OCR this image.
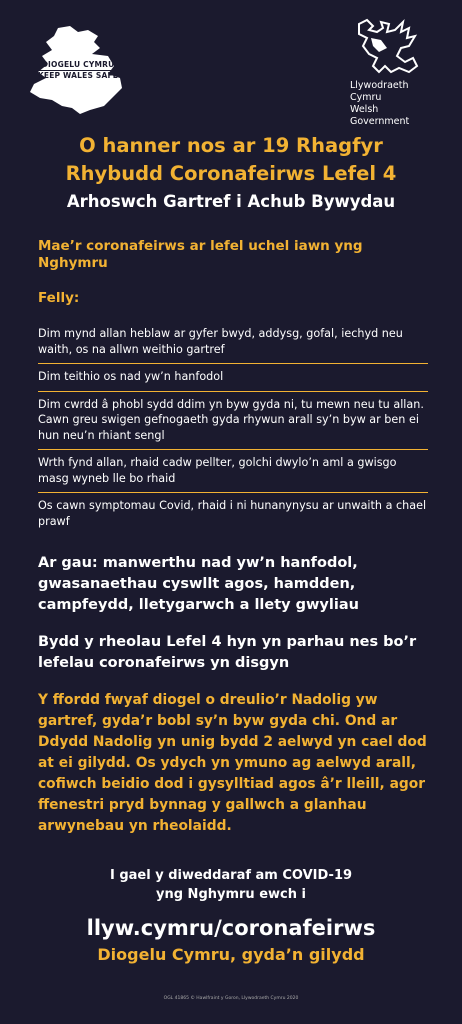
DIOGELU CYMRU
KEEP WALES SAFE
Llywodraeth Cymru
Welsh Government
O hanner nos ar 19 Rhagfyr
Rhybudd Coronafeirws Lefel 4
Arhoswch Gartref i Achub Bywydau

Mae’r coronafeirws ar lefel uchel iawn yng Nghymru

Felly:
Dim mynd allan heblaw ar gyfer bwyd, addysg, gofal, iechyd neu waith, os na allwn weithio gartref
Dim teithio os nad yw’n hanfodol
Dim cwrdd â phobl sydd ddim yn byw gyda ni, tu mewn neu tu allan. Cawn greu swigen gefnogaeth gyda rhywun arall sy’n byw ar ben ei hun neu’n rhiant sengl
Wrth fynd allan, rhaid cadw pellter, golchi dwylo’n aml a gwisgo masg wyneb lle bo rhaid
Os cawn symptomau Covid, rhaid i ni hunanynysu ar unwaith a chael prawf
Ar gau: manwerthu nad yw’n hanfodol, gwasanaethau cyswllt agos, hamdden, campfeydd, lletygarwch a llety gwyliau
Bydd y rheolau Lefel 4 hyn yn parhau nes bo’r lefelau coronafeirws yn disgyn
Y ffordd fwyaf diogel o dreulio’r Nadolig yw gartref, gyda’r bobl sy’n byw gyda chi. Ond ar Ddydd Nadolig yn unig bydd 2 aelwyd yn cael dod at ei gilydd. Os ydych yn ymuno ag aelwyd arall, cofiwch beidio dod i gysylltiad agos â’r lleill, agor ffenestri pryd bynnag y gallwch a glanhau arwynebau yn rheolaidd.
I gael y diweddaraf am COVID-19
yng Nghymru ewch i
llyw.cymru/coronafeirws
Diogelu Cymru, gyda’n gilydd
OGL 41865 © Hawlfraint y Goron, Llywodraeth Cymru 2020
